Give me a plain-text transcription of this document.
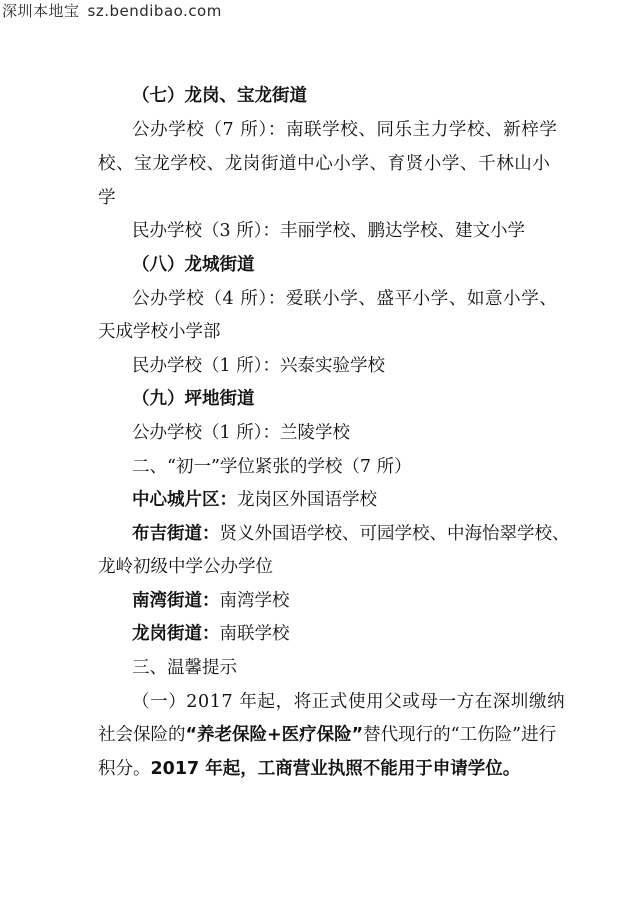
深圳本地宝 sz.bendibao.com
（七）龙岗、宝龙街道
公办学校（7 所）：南联学校、同乐主力学校、新梓学
校、宝龙学校、龙岗街道中心小学、育贤小学、千林山小
学
民办学校（3 所）：丰丽学校、鹏达学校、建文小学
（八）龙城街道
公办学校（4 所）：爱联小学、盛平小学、如意小学、
天成学校小学部
民办学校（1 所）：兴泰实验学校
（九）坪地街道
公办学校（1 所）：兰陵学校
二、“初一”学位紧张的学校（7 所）
中心城片区：龙岗区外国语学校
布吉街道：贤义外国语学校、可园学校、中海怡翠学校、
龙岭初级中学公办学位
南湾街道：南湾学校
龙岗街道：南联学校
三、温馨提示
（一）2017 年起，将正式使用父或母一方在深圳缴纳
社会保险的“养老保险+医疗保险”替代现行的“工伤险”进行
积分。2017 年起，工商营业执照不能用于申请学位。
